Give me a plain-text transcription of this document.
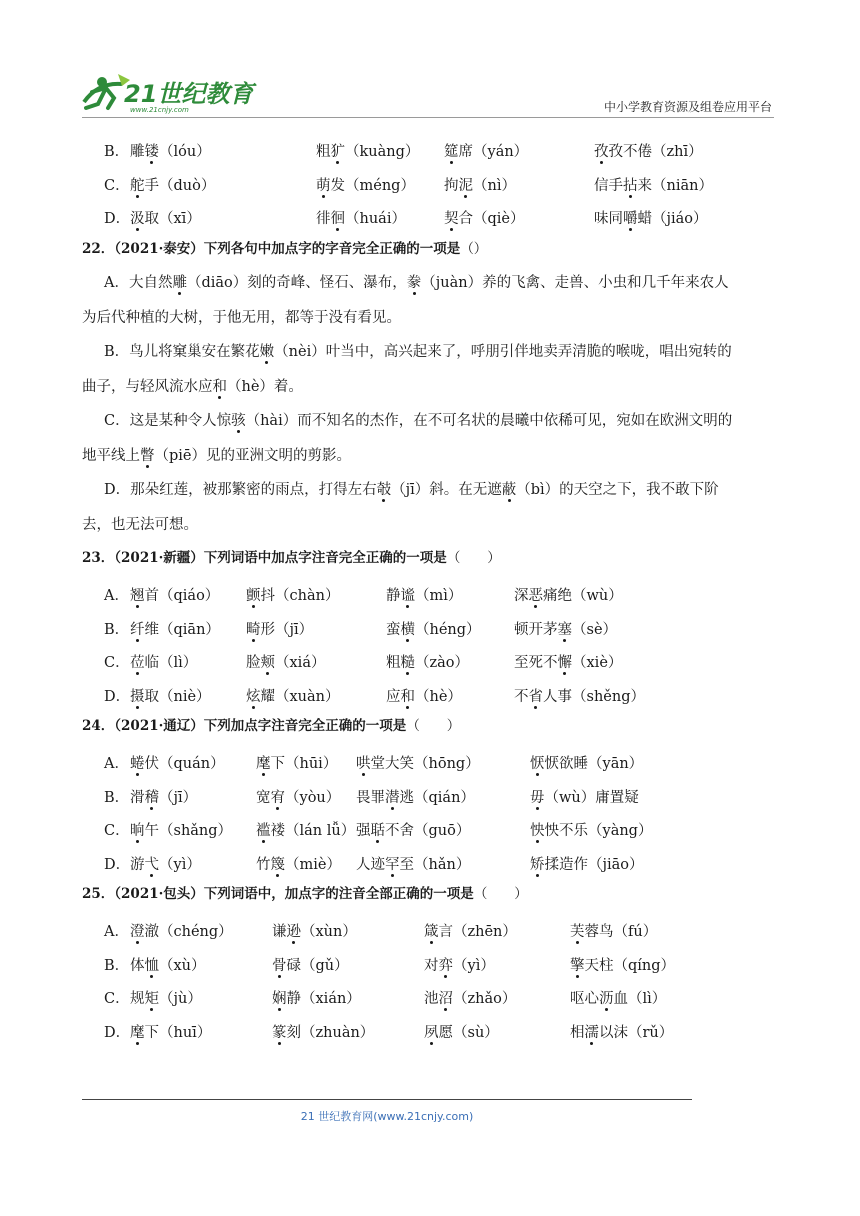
21世纪教育
www.21cnjy.com	中小学教育资源及组卷应用平台
B． 雕镂（lóu）	粗犷（kuàng） 筵席（yán）	孜孜不倦（zhī）
C． 舵手（duò）	萌发（méng） 拘泥（nì）	信手拈来（niān）
D． 汲取（xī）	徘徊（huái）	契合（qiè）	味同嚼蜡（jiáo）
22．（2021·泰安）下列各句中加点字的字音完全正确的一项是（）
A．大自然雕（diāo）刻的奇峰、怪石、瀑布，豢（juàn）养的飞禽、走兽、小虫和几千年来农人
为后代种植的大树，于他无用，都等于没有看见。
B．鸟儿将窠巢安在繁花嫩（nèi）叶当中，高兴起来了，呼朋引伴地卖弄清脆的喉咙，唱出宛转的
曲子，与轻风流水应和（hè）着。
C．这是某种令人惊骇（hài）而不知名的杰作，在不可名状的晨曦中依稀可见，宛如在欧洲文明的
地平线上瞥（piē）见的亚洲文明的剪影。
D．那朵红莲，被那繁密的雨点，打得左右攲（jī）斜。在无遮蔽（bì）的天空之下，我不敢下阶
去，也无法可想。
23．（2021·新疆）下列词语中加点字注音完全正确的一项是（　　）
A． 翘首（qiáo） 颤抖（chàn）	静谧（mì）	深恶痛绝（wù）
B． 纤维（qiān） 畸形（jī）	蛮横（héng） 顿开茅塞（sè）
C． 莅临（lì）	脸颊（xiá）	粗糙（zào）	至死不懈（xiè）
D． 摄取（niè） 炫耀（xuàn）	应和（hè）	不省人事（shěng）
24．（2021·通辽）下列加点字注音完全正确的一项是（　　）
A． 蜷伏（quán） 麾下（hūi） 哄堂大笑（hōng）	恹恹欲睡（yān）
B． 滑稽（jī）	宽宥（yòu） 畏罪潜逃（qián）	毋（wù）庸置疑
C． 晌午（shǎng） 褴褛（lán lǚ） 强聒不舍（guō）	怏怏不乐（yàng）
D． 游弋（yì）	竹篾（miè） 人迹罕至（hǎn）	矫揉造作（jiāo）
25．（2021·包头）下列词语中，加点字的注音全部正确的一项是（　　）
A． 澄澈（chéng）	谦逊（xùn）	箴言（zhēn）	芙蓉鸟（fú）
B． 体恤（xù）	骨碌（gǔ）	对弈（yì）	擎天柱（qíng）
C． 规矩（jù）	娴静（xián）	池沼（zhǎo）	呕心沥血（lì）
D． 麾下（huī）	篆刻（zhuàn）	夙愿（sù）	相濡以沫（rǔ）
21 世纪教育网(www.21cnjy.com)
